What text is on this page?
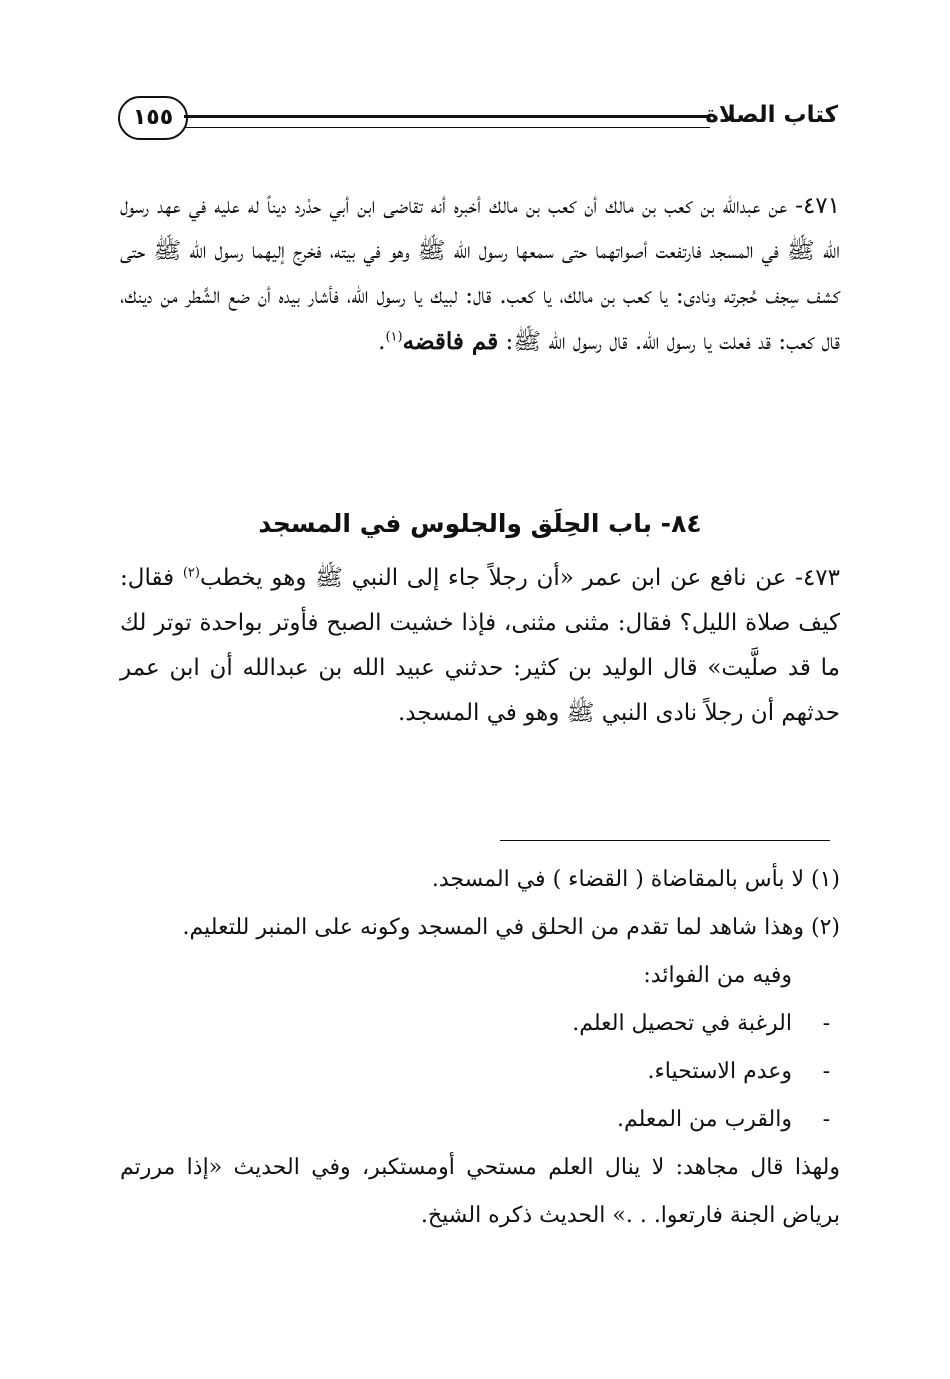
كتاب الصلاة
١٥٥
٤٧١- عن عبدالله بن كعب بن مالك أن كعب بن مالك أخبره أنه تقاضى ابن أبي حدْرد ديناً له عليه في عهد رسول الله ﷺ في المسجد فارتفعت أصواتهما حتى سمعها رسول الله ﷺ وهو في بيته، فخرج إليهما رسول الله ﷺ حتى كشف سِجف حُجرته ونادى: يا كعب بن مالك، يا كعب. قال: لبيك يا رسول الله، فأشار بيده أن ضع الشَّطر من دينك، قال كعب: قد فعلت يا رسول الله. قال رسول الله ﷺ: قم فاقضه$^{(١)}$.
٨٤- باب الحِلَق والجلوس في المسجد
٤٧٣- عن نافع عن ابن عمر «أن رجلاً جاء إلى النبي ﷺ وهو يخطب$^{(٢)}$ فقال: كيف صلاة الليل؟ فقال: مثنى مثنى، فإذا خشيت الصبح فأوتر بواحدة توتر لك ما قد صلَّيت» قال الوليد بن كثير: حدثني عبيد الله بن عبدالله أن ابن عمر حدثهم أن رجلاً نادى النبي ﷺ وهو في المسجد.
(١) لا بأس بالمقاضاة ( القضاء ) في المسجد.
(٢) وهذا شاهد لما تقدم من الحلق في المسجد وكونه على المنبر للتعليم.
وفيه من الفوائد:
-الرغبة في تحصيل العلم.
-وعدم الاستحياء.
-والقرب من المعلم.
ولهذا قال مجاهد: لا ينال العلم مستحي أومستكبر، وفي الحديث «إذا مررتم برياض الجنة فارتعوا. . .» الحديث ذكره الشيخ.
